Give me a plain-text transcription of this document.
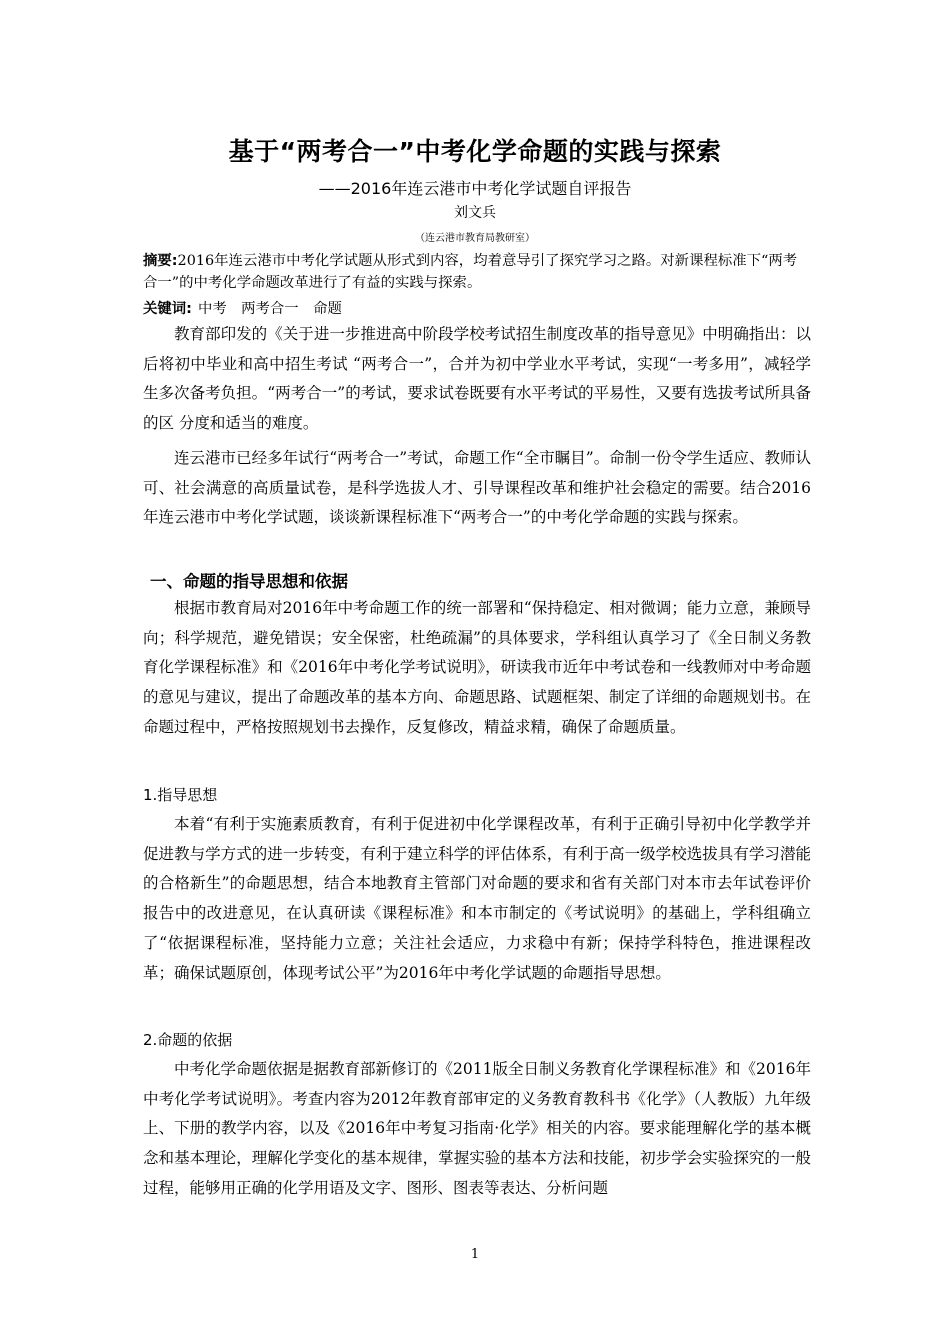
基于“两考合一”中考化学命题的实践与探索
——2016年连云港市中考化学试题自评报告
刘文兵
（连云港市教育局教研室）
摘要:2016年连云港市中考化学试题从形式到内容，均着意导引了探究学习之路。对新课程标准下“两考合一”的中考化学命题改革进行了有益的实践与探索。
关键词: 中考　两考合一　命题

教育部印发的《关于进一步推进高中阶段学校考试招生制度改革的指导意见》中明确指出：以后将初中毕业和高中招生考试 “两考合一”，合并为初中学业水平考试，实现“一考多用”，减轻学生多次备考负担。“两考合一”的考试，要求试卷既要有水平考试的平易性，又要有选拔考试所具备的区 分度和适当的难度。

连云港市已经多年试行“两考合一”考试，命题工作“全市瞩目”。命制一份令学生适应、教师认可、社会满意的高质量试卷，是科学选拔人才、引导课程改革和维护社会稳定的需要。结合2016年连云港市中考化学试题，谈谈新课程标准下“两考合一”的中考化学命题的实践与探索。

一、命题的指导思想和依据

根据市教育局对2016年中考命题工作的统一部署和“保持稳定、相对微调；能力立意，兼顾导向；科学规范，避免错误；安全保密，杜绝疏漏”的具体要求，学科组认真学习了《全日制义务教育化学课程标准》和《2016年中考化学考试说明》，研读我市近年中考试卷和一线教师对中考命题的意见与建议，提出了命题改革的基本方向、命题思路、试题框架、制定了详细的命题规划书。在命题过程中，严格按照规划书去操作，反复修改，精益求精，确保了命题质量。

1.指导思想

本着“有利于实施素质教育，有利于促进初中化学课程改革，有利于正确引导初中化学教学并促进教与学方式的进一步转变，有利于建立科学的评估体系，有利于高一级学校选拔具有学习潜能的合格新生”的命题思想，结合本地教育主管部门对命题的要求和省有关部门对本市去年试卷评价报告中的改进意见，在认真研读《课程标准》和本市制定的《考试说明》的基础上，学科组确立了“依据课程标准，坚持能力立意；关注社会适应，力求稳中有新；保持学科特色，推进课程改革；确保试题原创，体现考试公平”为2016年中考化学试题的命题指导思想。

2.命题的依据

中考化学命题依据是据教育部新修订的《2011版全日制义务教育化学课程标准》和《2016年中考化学考试说明》。考查内容为2012年教育部审定的义务教育教科书《化学》（人教版）九年级上、下册的教学内容，以及《2016年中考复习指南·化学》相关的内容。要求能理解化学的基本概念和基本理论，理解化学变化的基本规律，掌握实验的基本方法和技能，初步学会实验探究的一般过程，能够用正确的化学用语及文字、图形、图表等表达、分析问题

1
